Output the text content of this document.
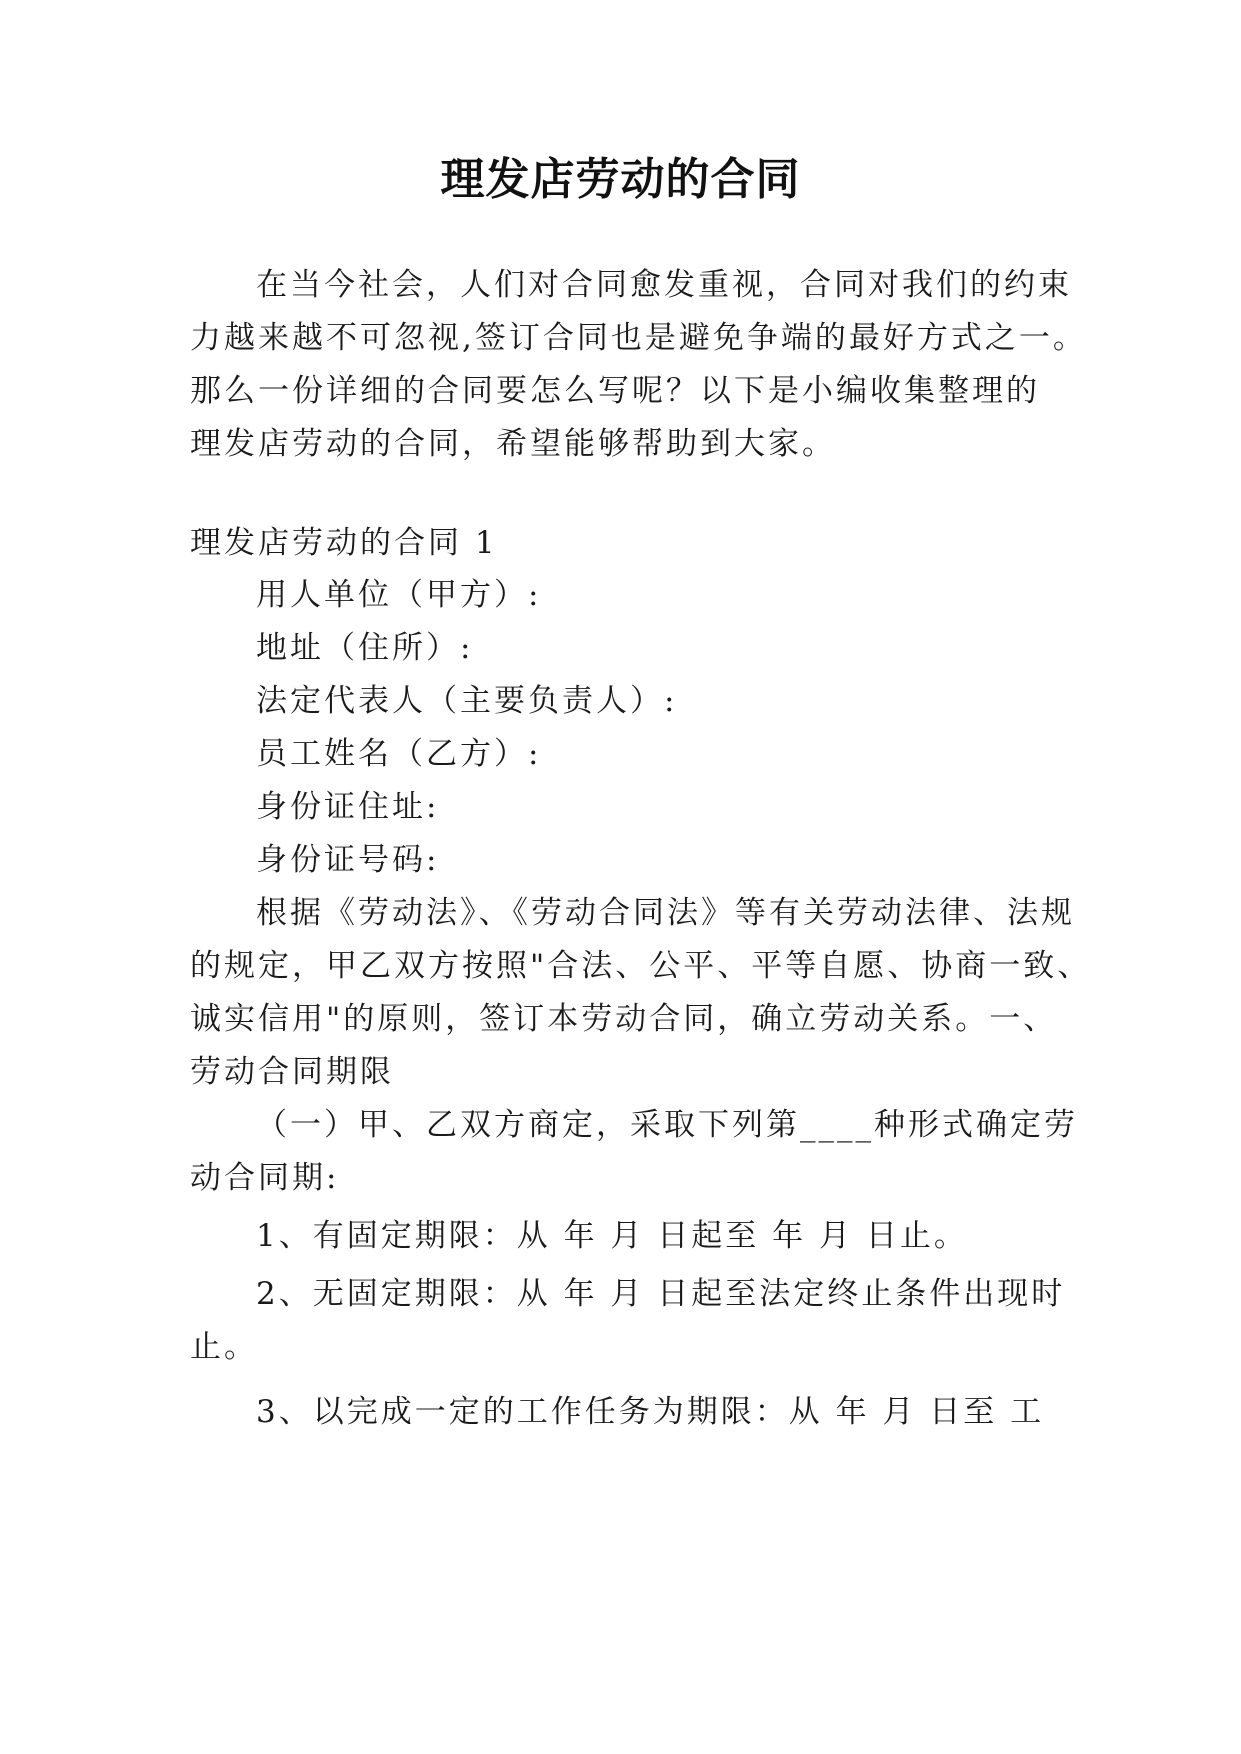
理发店劳动的合同
在当今社会，人们对合同愈发重视，合同对我们的约束
力越来越不可忽视,签订合同也是避免争端的最好方式之一。
那么一份详细的合同要怎么写呢？以下是小编收集整理的
理发店劳动的合同，希望能够帮助到大家。
理发店劳动的合同 1
用人单位（甲方）:
地址（住所）:
法定代表人（主要负责人）:
员工姓名（乙方）:
身份证住址:
身份证号码:
根据《劳动法》、《劳动合同法》等有关劳动法律、法规
的规定，甲乙双方按照"合法、公平、平等自愿、协商一致、
诚实信用"的原则，签订本劳动合同，确立劳动关系。一、
劳动合同期限
（一）甲、乙双方商定，采取下列第____种形式确定劳
动合同期:
1、有固定期限：从 年 月 日起至 年 月 日止。
2、无固定期限：从 年 月 日起至法定终止条件出现时
止。
3、以完成一定的工作任务为期限：从 年 月 日至 工
